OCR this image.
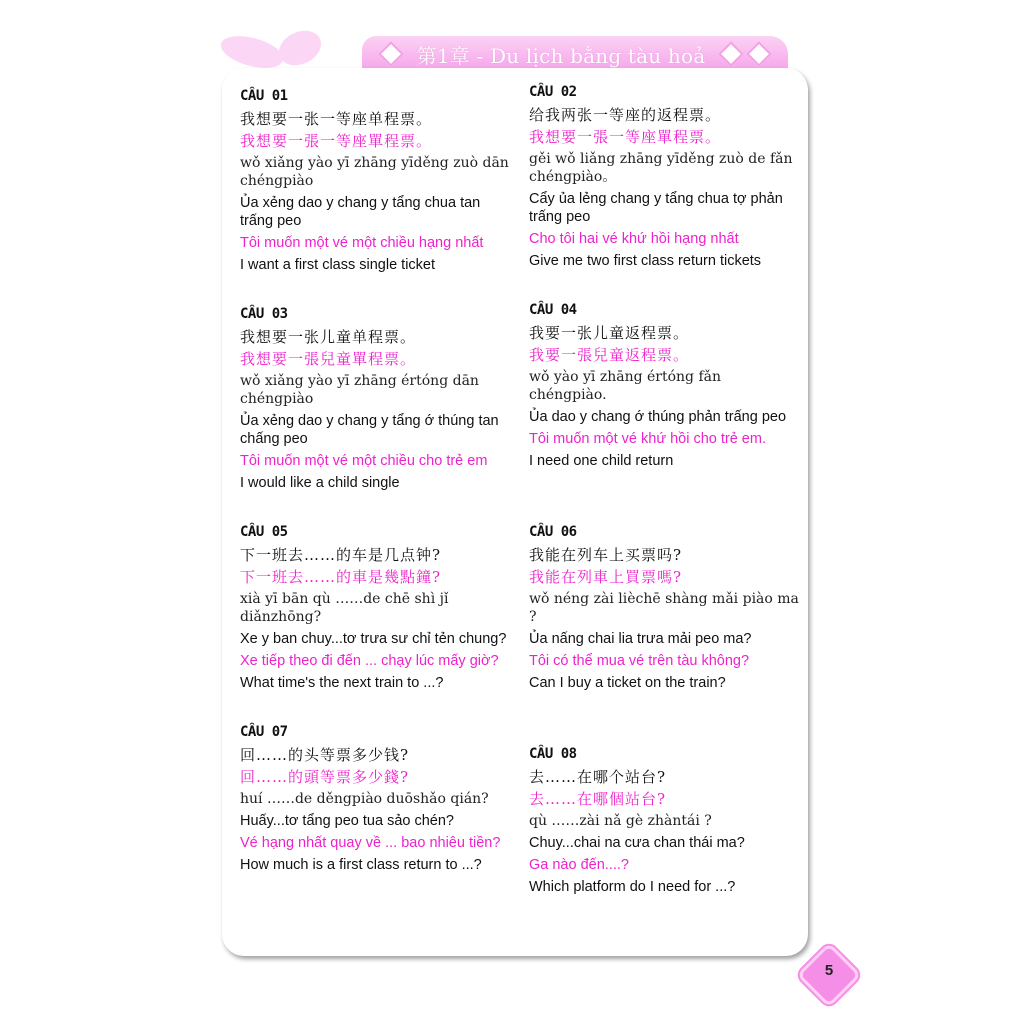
第1章 - Du lịch bằng tàu hoả
CÂU 01
我想要一张一等座单程票。
我想要一張一等座單程票。
wǒ xiǎng yào yī zhāng yīděng zuò dān chéngpiào
Ủa xẻng dao y chang y tẩng chua tan trấng peo
Tôi muốn một vé một chiều hạng nhất
I want a first class single ticket
CÂU 02
给我两张一等座的返程票。
我想要一張一等座單程票。
gěi wǒ liǎng zhāng yīděng zuò de fǎn chéngpiào。
Cẩy ủa lẻng chang y tẩng chua tợ phản trấng peo
Cho tôi hai vé khứ hồi hạng nhất
Give me two first class return tickets
CÂU 03
我想要一张儿童单程票。
我想要一張兒童單程票。
wǒ xiǎng yào yī zhāng értóng dān chéngpiào
Ủa xẻng dao y chang y tẩng ớ thúng tan chấng peo
Tôi muốn một vé một chiều cho trẻ em
I would like a child single
CÂU 04
我要一张儿童返程票。
我要一張兒童返程票。
wǒ yào yī zhāng értóng fǎn chéngpiào.
Ủa dao y chang ớ thúng phản trấng peo
Tôi muốn một vé khứ hồi cho trẻ em.
I need one child return
CÂU 05
下一班去……的车是几点钟?
下一班去……的車是幾點鐘?
xià yī bān qù ……de chē shì jǐ diǎnzhōng?
Xe y ban chuy...tơ trưa sư chỉ tẻn chung?
Xe tiếp theo đi đến ... chạy lúc mấy giờ?
What time's the next train to ...?
CÂU 06
我能在列车上买票吗?
我能在列車上買票嗎?
wǒ néng zài lièchē shàng mǎi piào ma ?
Ủa nấng chai lia trưa mải peo ma?
Tôi có thể mua vé trên tàu không?
Can I buy a ticket on the train?
CÂU 07
回……的头等票多少钱?
回……的頭等票多少錢?
huí ……de děngpiào duōshǎo qián?
Huấy...tơ tẩng peo tua sảo chén?
Vé hạng nhất quay về ... bao nhiêu tiền?
How much is a first class return to ...?
CÂU 08
去……在哪个站台?
去……在哪個站台?
qù ……zài nǎ gè zhàntái ?
Chuy...chai na cưa chan thái ma?
Ga nào đến....?
Which platform do I need for ...?
5
